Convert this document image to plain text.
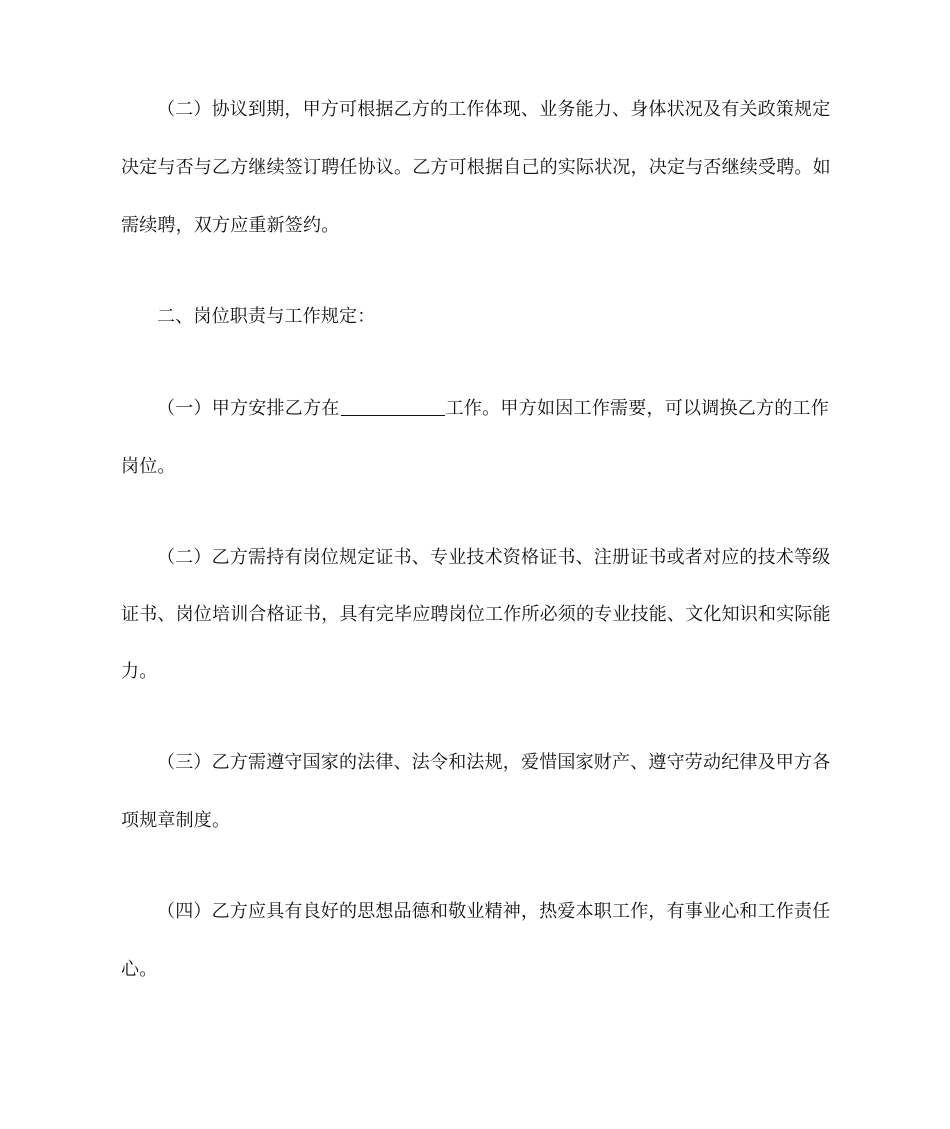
（二）协议到期，甲方可根据乙方的工作体现、业务能力、身体状况及有关政策规定
决定与否与乙方继续签订聘任协议。乙方可根据自己的实际状况，决定与否继续受聘。如
需续聘，双方应重新签约。
二、岗位职责与工作规定：
（一）甲方安排乙方在	工作。甲方如因工作需要，可以调换乙方的工作
岗位。
（二）乙方需持有岗位规定证书、专业技术资格证书、注册证书或者对应的技术等级
证书、岗位培训合格证书，具有完毕应聘岗位工作所必须的专业技能、文化知识和实际能
力。
（三）乙方需遵守国家的法律、法令和法规，爱惜国家财产、遵守劳动纪律及甲方各
项规章制度。
（四）乙方应具有良好的思想品德和敬业精神，热爱本职工作，有事业心和工作责任
心。
